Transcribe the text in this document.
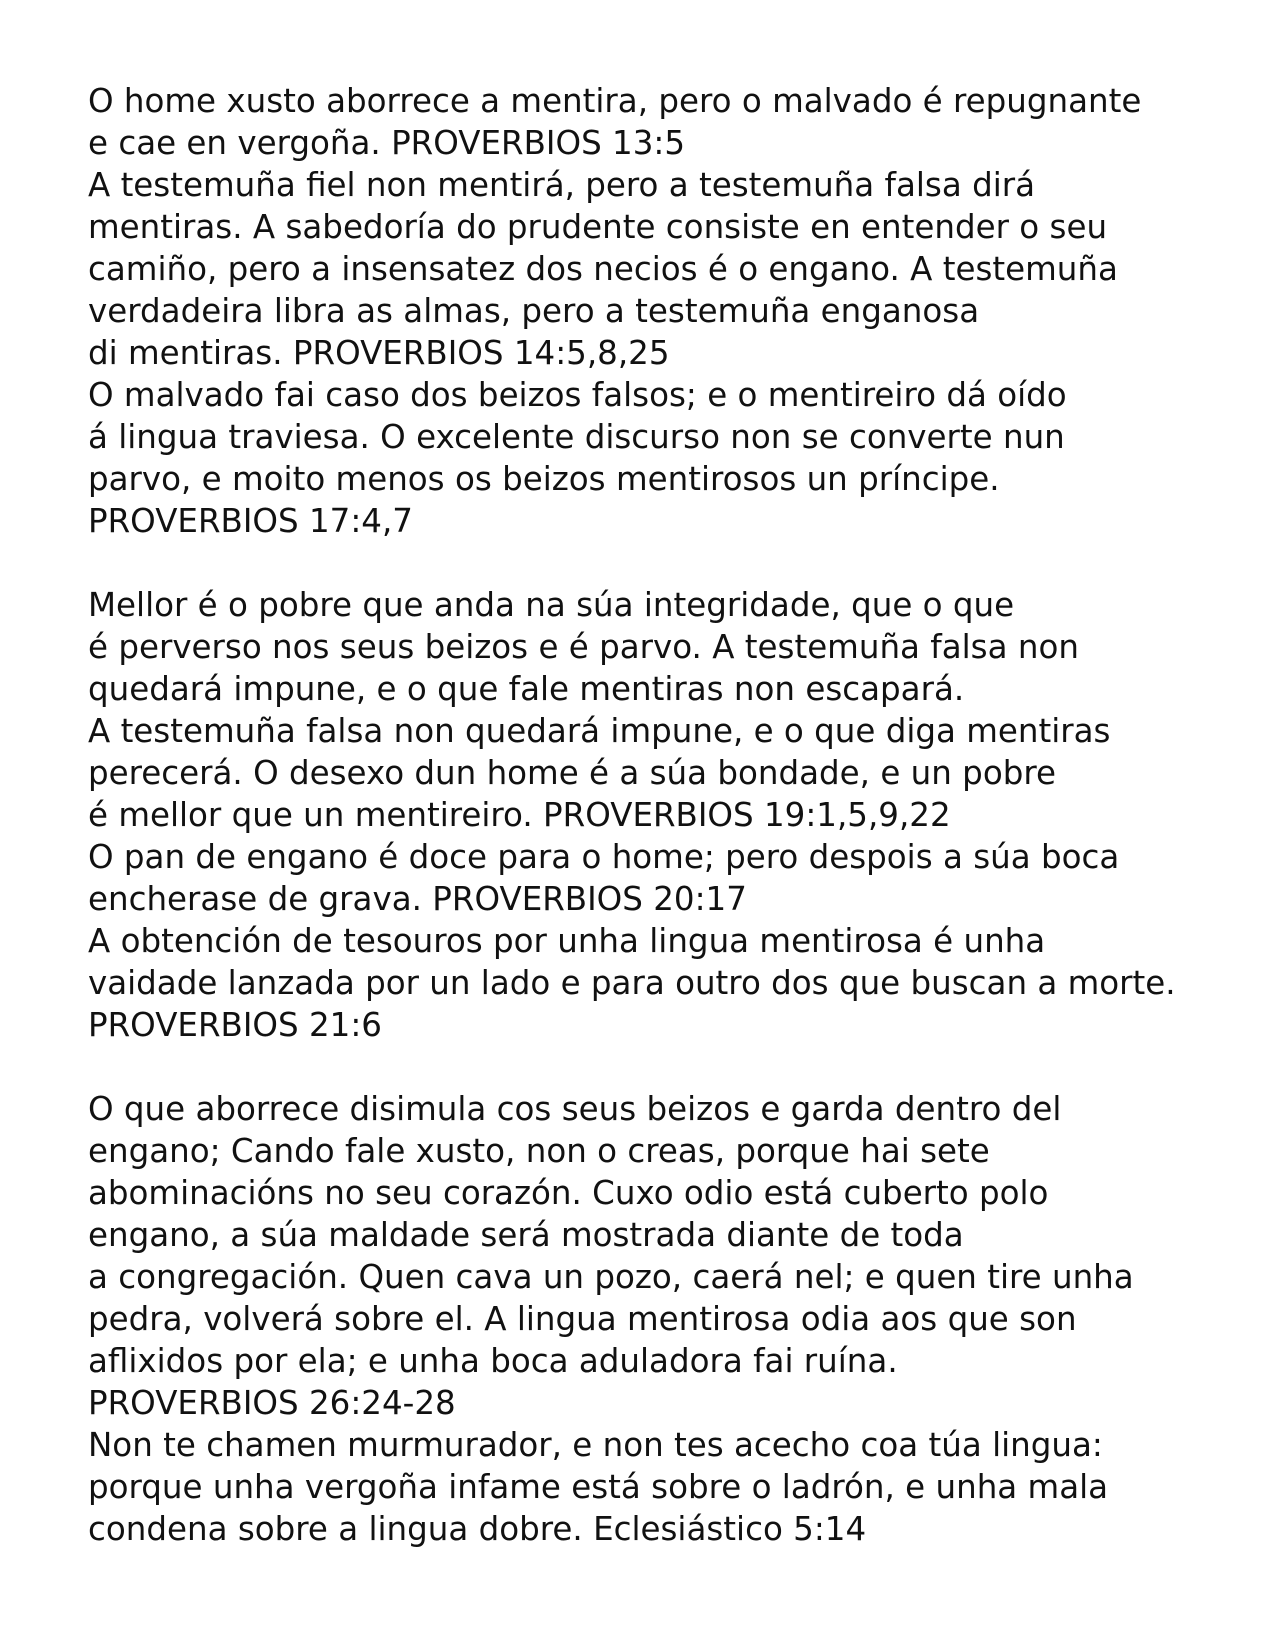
O home xusto aborrece a mentira, pero o malvado é repugnante
e cae en vergoña. PROVERBIOS 13:5
A testemuña fiel non mentirá, pero a testemuña falsa dirá
mentiras. A sabedoría do prudente consiste en entender o seu
camiño, pero a insensatez dos necios é o engano. A testemuña
verdadeira libra as almas, pero a testemuña enganosa
di mentiras. PROVERBIOS 14:5,8,25
O malvado fai caso dos beizos falsos; e o mentireiro dá oído
á lingua traviesa. O excelente discurso non se converte nun
parvo, e moito menos os beizos mentirosos un príncipe.
PROVERBIOS 17:4,7
Mellor é o pobre que anda na súa integridade, que o que
é perverso nos seus beizos e é parvo. A testemuña falsa non
quedará impune, e o que fale mentiras non escapará.
A testemuña falsa non quedará impune, e o que diga mentiras
perecerá. O desexo dun home é a súa bondade, e un pobre
é mellor que un mentireiro. PROVERBIOS 19:1,5,9,22
O pan de engano é doce para o home; pero despois a súa boca
encherase de grava. PROVERBIOS 20:17
A obtención de tesouros por unha lingua mentirosa é unha
vaidade lanzada por un lado e para outro dos que buscan a morte.
PROVERBIOS 21:6
O que aborrece disimula cos seus beizos e garda dentro del
engano; Cando fale xusto, non o creas, porque hai sete
abominacións no seu corazón. Cuxo odio está cuberto polo
engano, a súa maldade será mostrada diante de toda
a congregación. Quen cava un pozo, caerá nel; e quen tire unha
pedra, volverá sobre el. A lingua mentirosa odia aos que son
aflixidos por ela; e unha boca aduladora fai ruína.
PROVERBIOS 26:24-28
Non te chamen murmurador, e non tes acecho coa túa lingua:
porque unha vergoña infame está sobre o ladrón, e unha mala
condena sobre a lingua dobre. Eclesiástico 5:14
